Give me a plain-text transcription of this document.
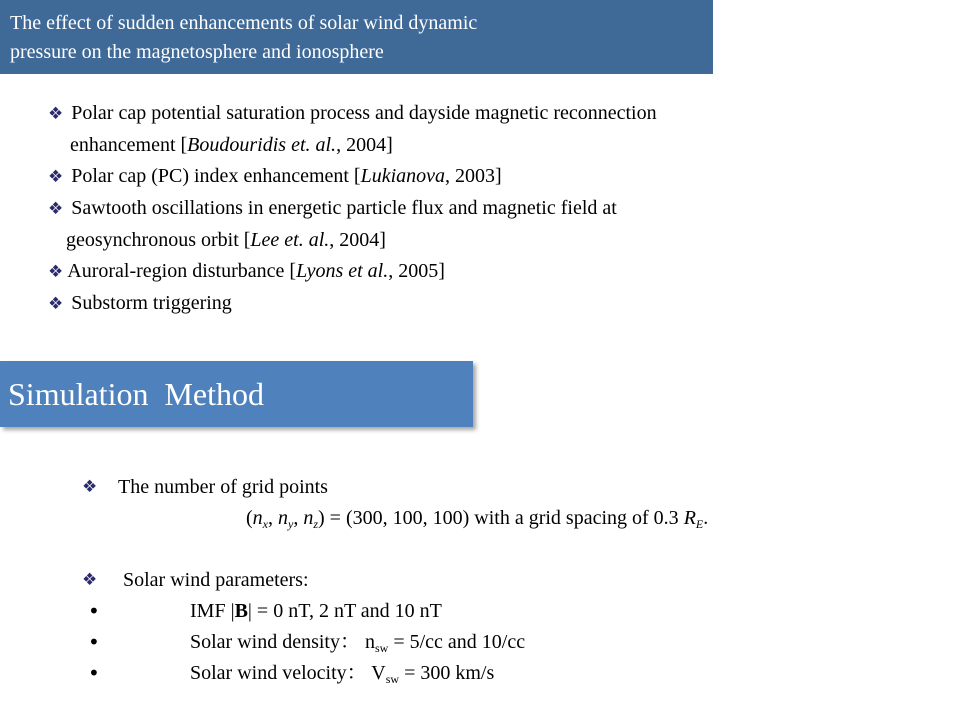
The effect of sudden enhancements of solar wind dynamic
pressure on the magnetosphere and ionosphere
❖ Polar cap potential saturation process and dayside magnetic reconnection
enhancement [Boudouridis et. al., 2004]
❖ Polar cap (PC) index enhancement [Lukianova, 2003]
❖ Sawtooth oscillations in energetic particle flux and magnetic field at
geosynchronous orbit [Lee et. al., 2004]
❖ Auroral-region disturbance [Lyons et al., 2005]
❖ Substorm triggering
Simulation  Method
❖ The number of grid points
($n_x$, $n_y$, $n_z) = (300$, 100, 100) with a grid spacing of 0.3 $R_E$.
❖ Solar wind parameters:
•	IMF |B| = 0 nT, 2 nT and 10 nT
•	Solar wind density： $n_{sw} = 5/cc$ and 10/cc
•	Solar wind velocity： $V_{sw} = 300$ km/s
